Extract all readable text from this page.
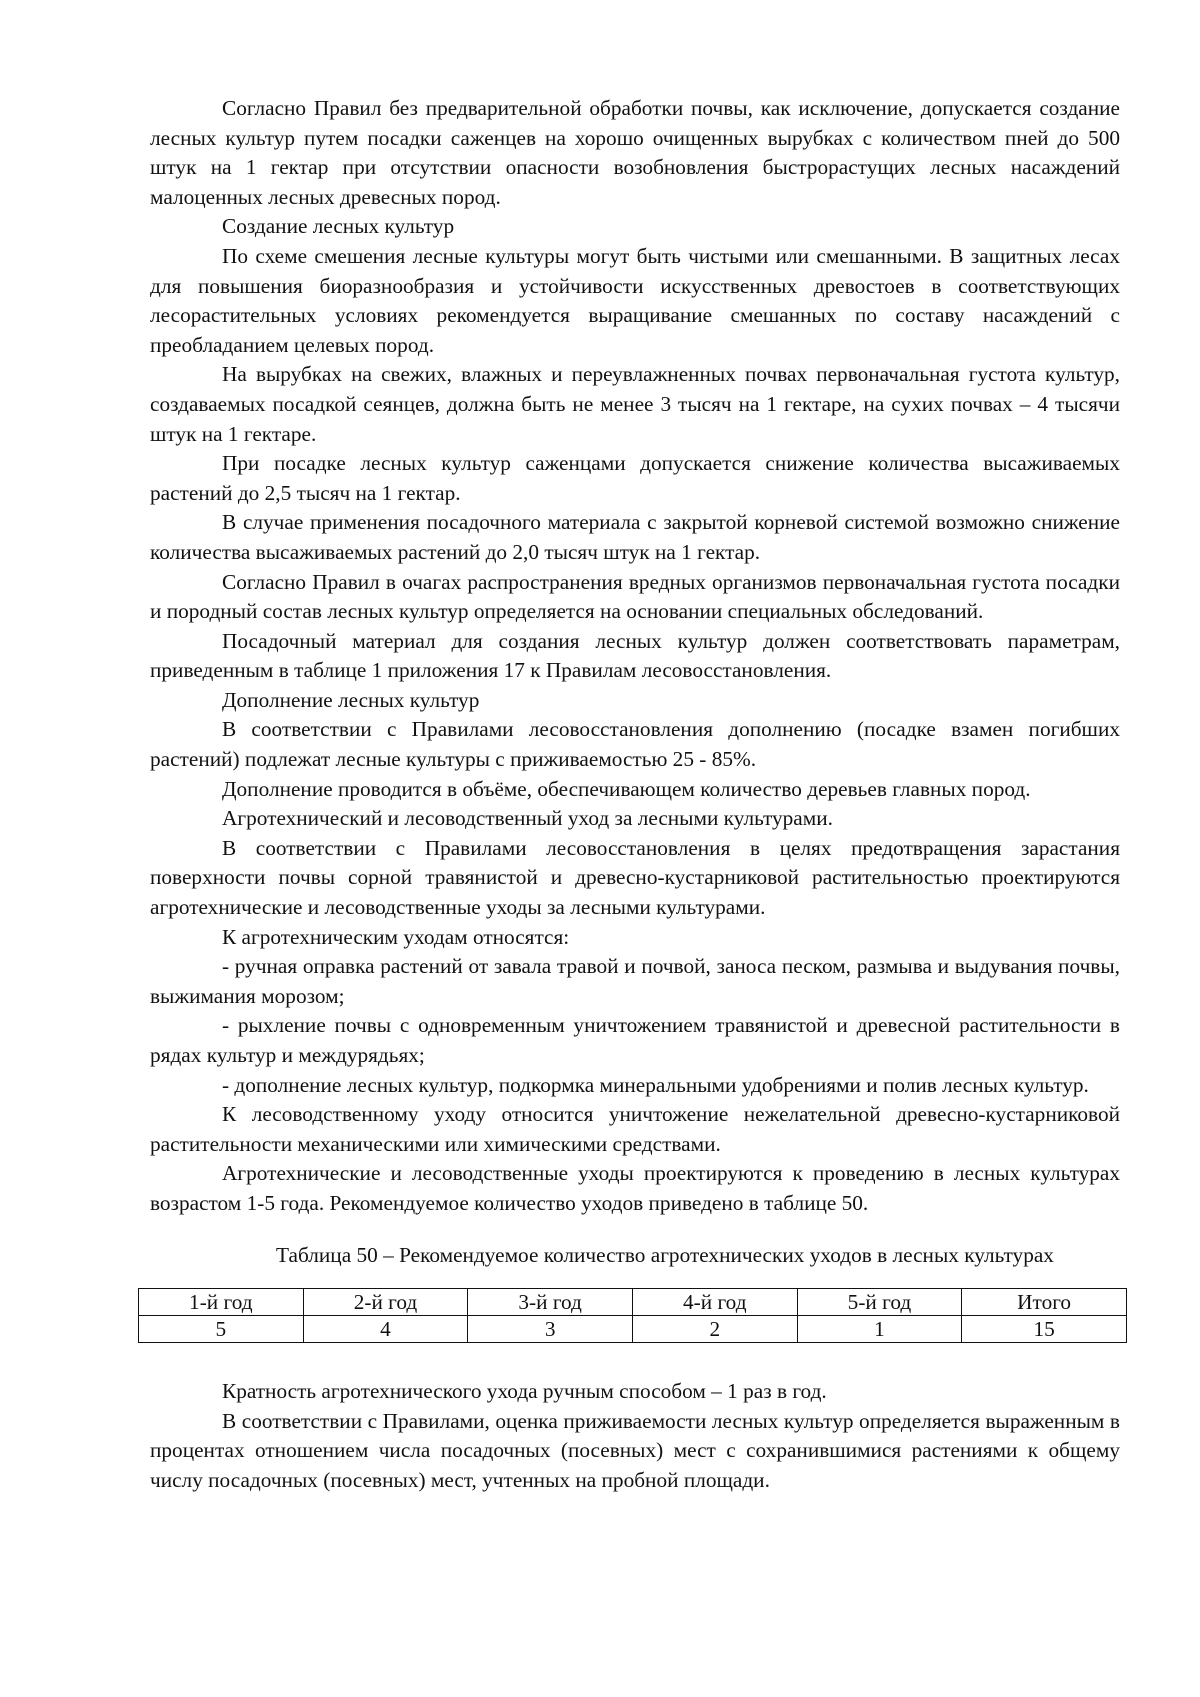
Согласно Правил без предварительной обработки почвы, как исключение, допускается создание лесных культур путем посадки саженцев на хорошо очищенных вырубках с количеством пней до 500 штук на 1 гектар при отсутствии опасности возобновления быстрорастущих лесных насаждений малоценных лесных древесных пород.

Создание лесных культур

По схеме смешения лесные культуры могут быть чистыми или смешанными. В защитных лесах для повышения биоразнообразия и устойчивости искусственных древостоев в соответствующих лесорастительных условиях рекомендуется выращивание смешанных по составу насаждений с преобладанием целевых пород.

На вырубках на свежих, влажных и переувлажненных почвах первоначальная густота культур, создаваемых посадкой сеянцев, должна быть не менее 3 тысяч на 1 гектаре, на сухих почвах – 4 тысячи штук на 1 гектаре.

При посадке лесных культур саженцами допускается снижение количества высаживаемых растений до 2,5 тысяч на 1 гектар.

В случае применения посадочного материала с закрытой корневой системой возможно снижение количества высаживаемых растений до 2,0 тысяч штук на 1 гектар.

Согласно Правил в очагах распространения вредных организмов первоначальная густота посадки и породный состав лесных культур определяется на основании специальных обследований.

Посадочный материал для создания лесных культур должен соответствовать параметрам, приведенным в таблице 1 приложения 17 к Правилам лесовосстановления.

Дополнение лесных культур

В соответствии с Правилами лесовосстановления дополнению (посадке взамен погибших растений) подлежат лесные культуры с приживаемостью 25 - 85%.

Дополнение проводится в объёме, обеспечивающем количество деревьев главных пород.

Агротехнический и лесоводственный уход за лесными культурами.

В соответствии с Правилами лесовосстановления в целях предотвращения зарастания поверхности почвы сорной травянистой и древесно-кустарниковой растительностью проектируются агротехнические и лесоводственные уходы за лесными культурами.

К агротехническим уходам относятся:

- ручная оправка растений от завала травой и почвой, заноса песком, размыва и выдувания почвы, выжимания морозом;

- рыхление почвы с одновременным уничтожением травянистой и древесной растительности в рядах культур и междурядьях;

- дополнение лесных культур, подкормка минеральными удобрениями и полив лесных культур.

К лесоводственному уходу относится уничтожение нежелательной древесно-кустарниковой растительности механическими или химическими средствами.

Агротехнические и лесоводственные уходы проектируются к проведению в лесных культурах возрастом 1-5 года. Рекомендуемое количество уходов приведено в таблице 50.

Таблица 50 – Рекомендуемое количество агротехнических уходов в лесных культурах
1-й год	2-й год	3-й год	4-й год	5-й год	Итого
5	4	3	2	1	15

Кратность агротехнического ухода ручным способом – 1 раз в год.

В соответствии с Правилами, оценка приживаемости лесных культур определяется выраженным в процентах отношением числа посадочных (посевных) мест с сохранившимися растениями к общему числу посадочных (посевных) мест, учтенных на пробной площади.
